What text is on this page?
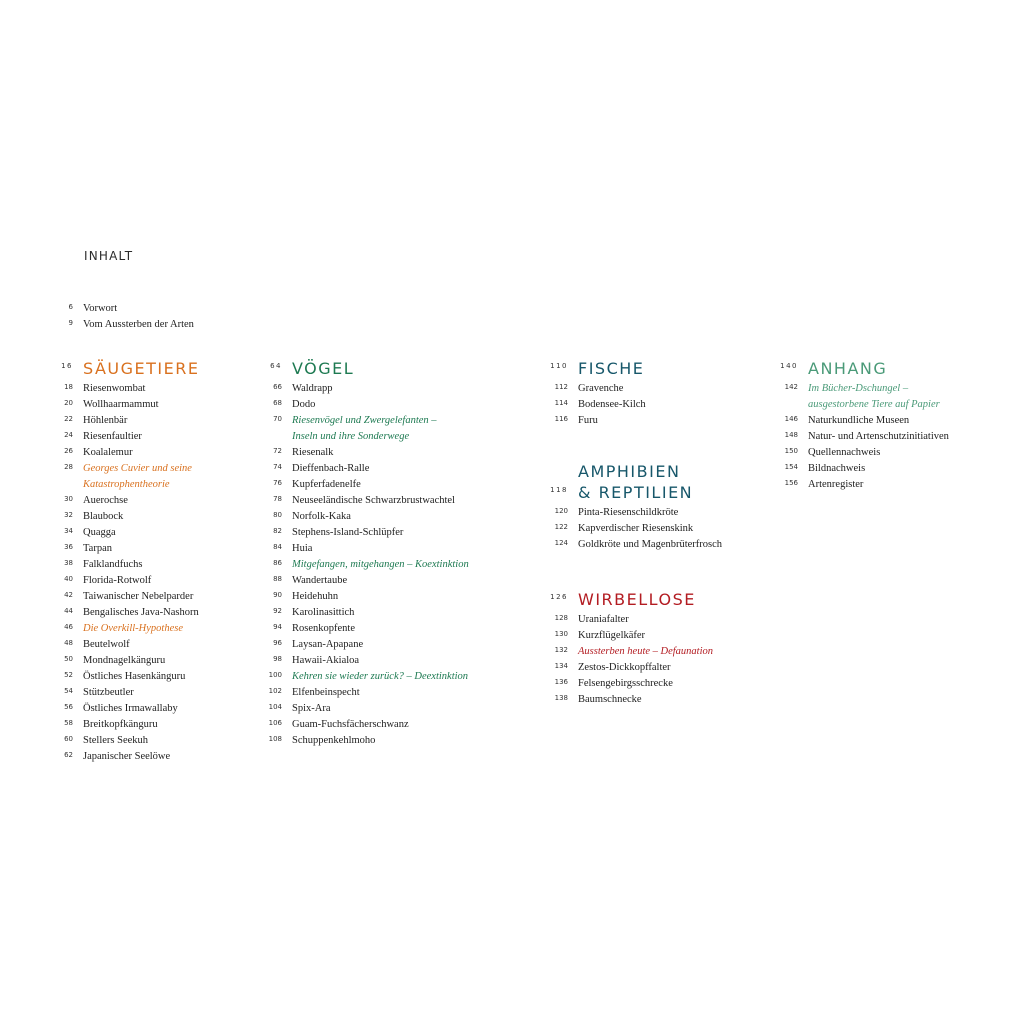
INHALT
6 Vorwort
9 Vom Aussterben der Arten
16 SÄUGETIERE
18 Riesenwombat
20 Wollhaarmammut
22 Höhlenbär
24 Riesenfaultier
26 Koalalemur
28 Georges Cuvier und seine
Katastrophentheorie
30 Auerochse
32 Blaubock
34 Quagga
36 Tarpan
38 Falklandfuchs
40 Florida-Rotwolf
42 Taiwanischer Nebelparder
44 Bengalisches Java-Nashorn
46 Die Overkill-Hypothese
48 Beutelwolf
50 Mondnagelkänguru
52 Östliches Hasenkänguru
54 Stützbeutler
56 Östliches Irmawallaby
58 Breitkopfkänguru
60 Stellers Seekuh
62 Japanischer Seelöwe
64 VÖGEL
66 Waldrapp
68 Dodo
70 Riesenvögel und Zwergelefanten –
Inseln und ihre Sonderwege
72 Riesenalk
74 Dieffenbach-Ralle
76 Kupferfadenelfe
78 Neuseeländische Schwarzbrustwachtel
80 Norfolk-Kaka
82 Stephens-Island-Schlüpfer
84 Huia
86 Mitgefangen, mitgehangen – Koextinktion
88 Wandertaube
90 Heidehuhn
92 Karolinasittich
94 Rosenkopfente
96 Laysan-Apapane
98 Hawaii-Akialoa
100 Kehren sie wieder zurück? – Deextinktion
102 Elfenbeinspecht
104 Spix-Ara
106 Guam-Fuchsfächerschwanz
108 Schuppenkehlmoho
110 FISCHE
112 Gravenche
114 Bodensee-Kilch
116 Furu
118
AMPHIBIEN
& REPTILIEN
120 Pinta-Riesenschildkröte
122 Kapverdischer Riesenskink
124 Goldkröte und Magenbrüterfrosch
126 WIRBELLOSE
128 Uraniafalter
130 Kurzflügelkäfer
132 Aussterben heute – Defaunation
134 Zestos-Dickkopffalter
136 Felsengebirgsschrecke
138 Baumschnecke
140 ANHANG
142 Im Bücher-Dschungel –
ausgestorbene Tiere auf Papier
146 Naturkundliche Museen
148 Natur- und Artenschutzinitiativen
150 Quellennachweis
154 Bildnachweis
156 Artenregister
